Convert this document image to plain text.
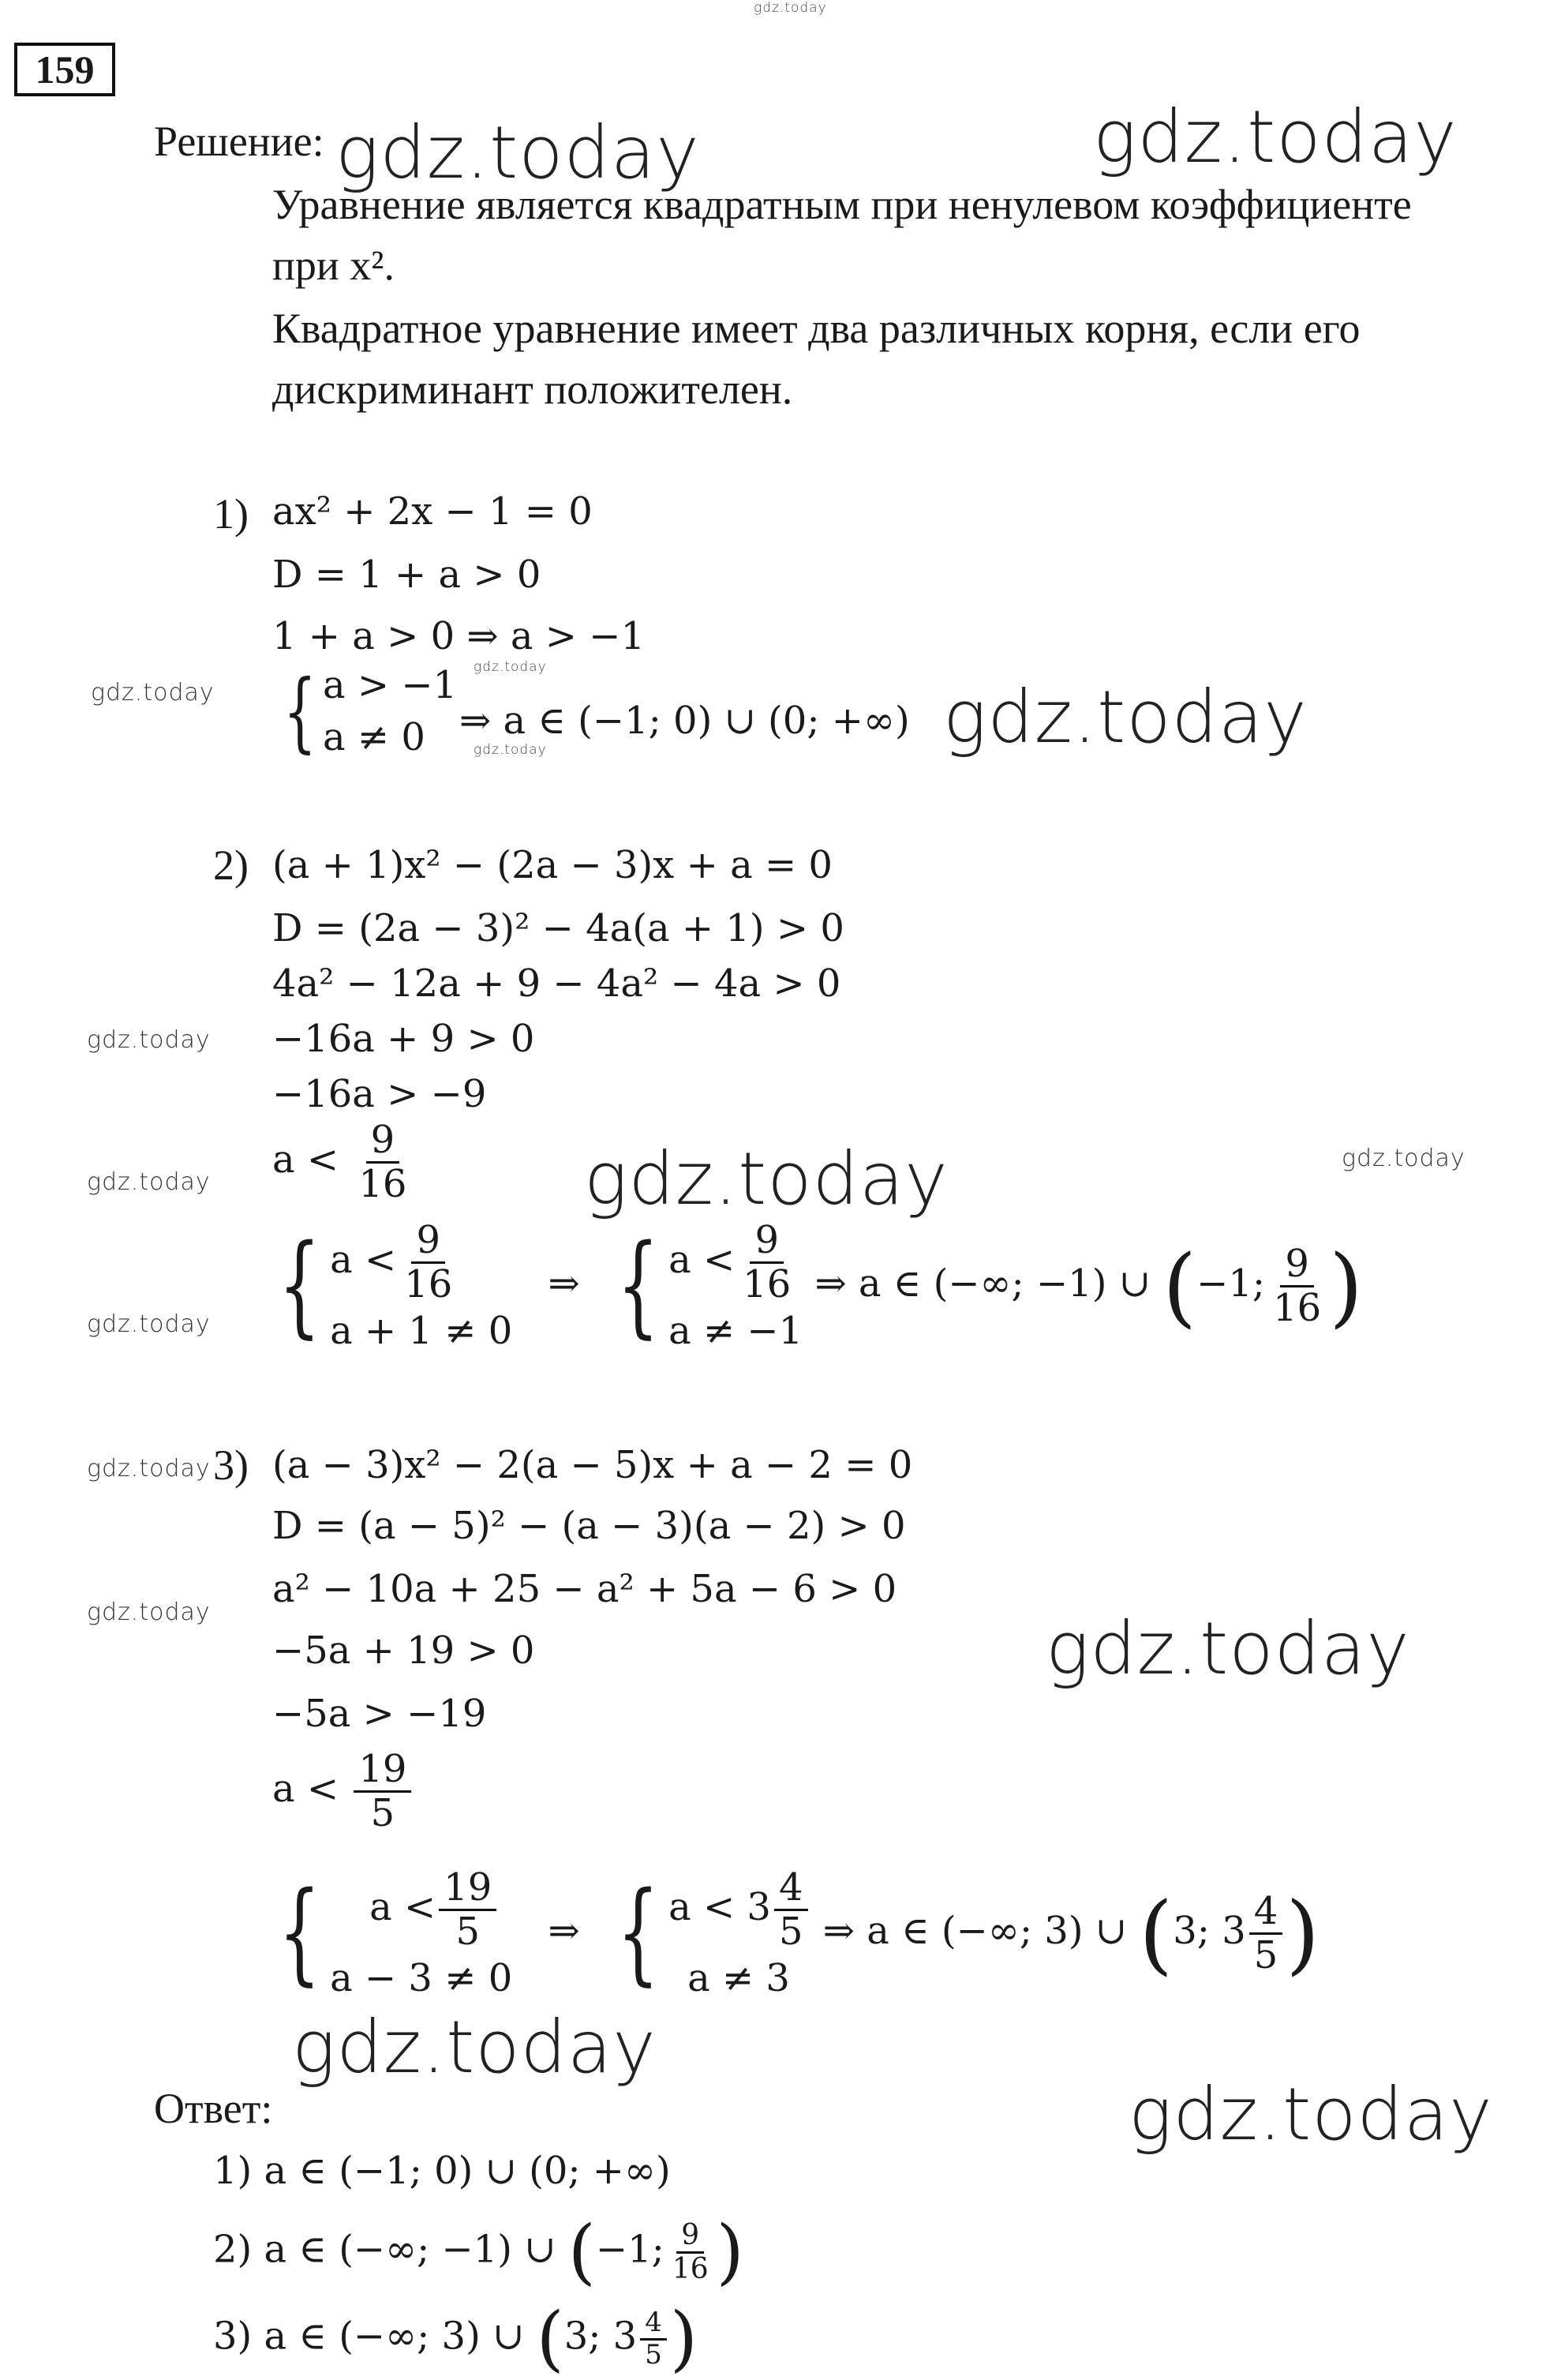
gdz.today
159
Решение: gdz.today	gdz.today
Уравнение является квадратным при ненулевом коэффициенте
при x².
Квадратное уравнение имеет два различных корня, если его
дискриминант положителен.
1) ax² + 2x − 1 = 0
D = 1 + a > 0
1 + a > 0 ⇒ a > −1
gdz.today
gdz.today { a > −1
a ≠ 0 ⇒ a ∈ (−1; 0) ∪ (0; +∞)
gdz.today	gdz.today
2) (a + 1)x² − (2a − 3)x + a = 0
D = (2a − 3)² − 4a(a + 1) > 0
4a² − 12a + 9 − 4a² − 4a > 0
−16a + 9 > 0
−16a > −9
gdz.today
$a < \frac{9}{16}$
gdz.today	gdz.today	gdz.today
{ $a < \frac{9}{16}$
a + 1 ≠ 0
⇒ { $a < \frac{9}{16}$
a ≠ −1
⇒ a ∈ (−∞; −1) ∪ (−1; $\frac{9}{16}$ )
gdz.today
gdz.today 3) (a − 3)x² − 2(a − 5)x + a − 2 = 0
D = (a − 5)² − (a − 3)(a − 2) > 0
a² − 10a + 25 − a² + 5a − 6 > 0
gdz.today
−5a + 19 > 0	gdz.today
−5a > −19
$a < \frac{19}{5}$
{	$a < \frac{19}{5}$
a − 3 ≠ 0
⇒ { $a < 3 \frac{4}{5}$
a ≠ 3
⇒ a ∈ (−∞; 3) ∪ (3; $3 \frac{4}{5}$ )
gdz.today
Ответ:	gdz.today
1) a ∈ (−1; 0) ∪ (0; +∞)
2) a ∈ (−∞; −1) ∪ (−1; $\frac{9}{16}$ )
3) a ∈ (−∞; 3) ∪ (3; $3 \frac{4}{5}$ )
